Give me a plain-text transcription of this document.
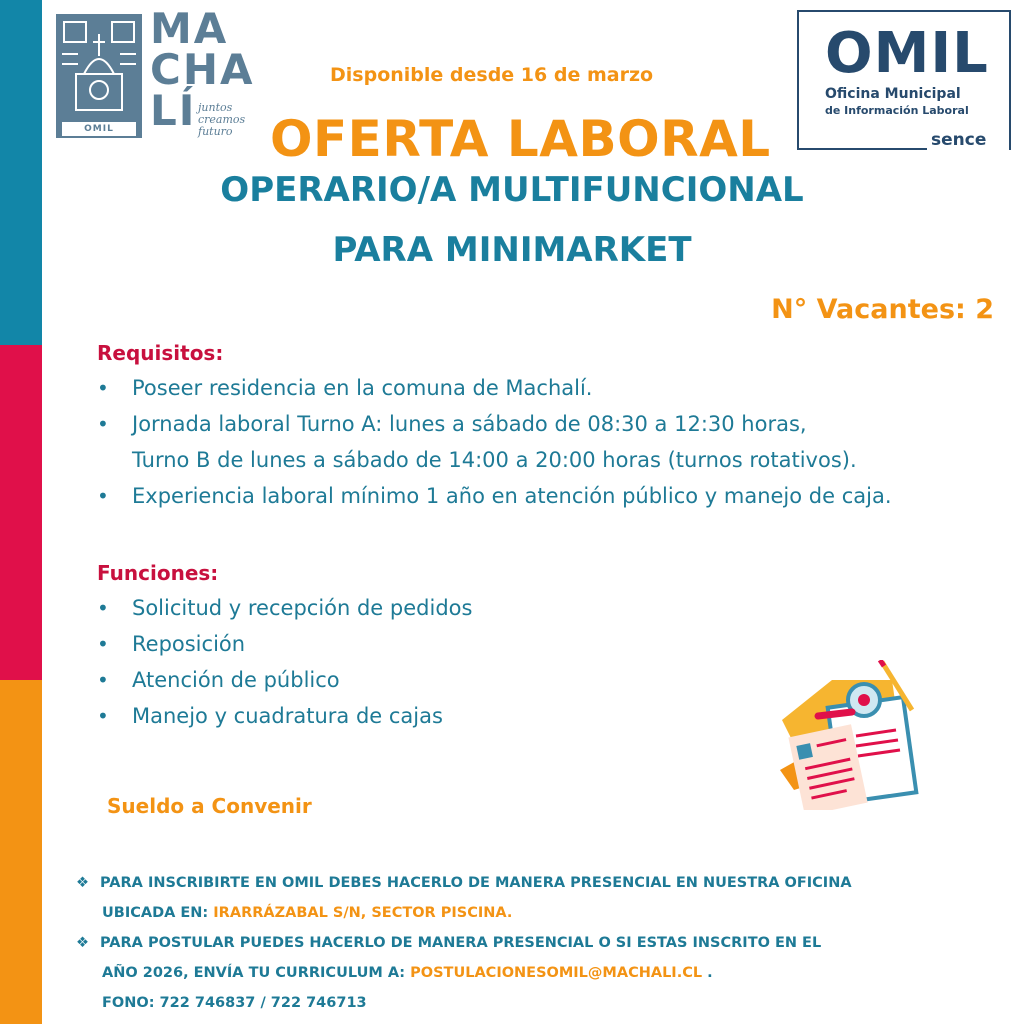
OMIL
MA
CHA
LÍ juntos
creamos
futuro
OMIL
Oficina Municipal
de Información Laboral
sence
Disponible desde 16 de marzo
OFERTA LABORAL
OPERARIO/A MULTIFUNCIONAL
PARA MINIMARKET
N° Vacantes: 2
Requisitos:
• Poseer residencia en la comuna de Machalí.
• Jornada laboral Turno A: lunes a sábado de 08:30 a 12:30 horas,
Turno B de lunes a sábado de 14:00 a 20:00 horas (turnos rotativos).
• Experiencia laboral mínimo 1 año en atención público y manejo de caja.
Funciones:
• Solicitud y recepción de pedidos
• Reposición
• Atención de público
• Manejo y cuadratura de cajas
Sueldo a Convenir
❖ PARA INSCRIBIRTE EN OMIL DEBES HACERLO DE MANERA PRESENCIAL EN NUESTRA OFICINA
UBICADA EN: IRARRÁZABAL S/N, SECTOR PISCINA.
❖ PARA POSTULAR PUEDES HACERLO DE MANERA PRESENCIAL O SI ESTAS INSCRITO EN EL
AÑO 2026, ENVÍA TU CURRICULUM A: POSTULACIONESOMIL@MACHALI.CL .
FONO: 722 746837 / 722 746713
